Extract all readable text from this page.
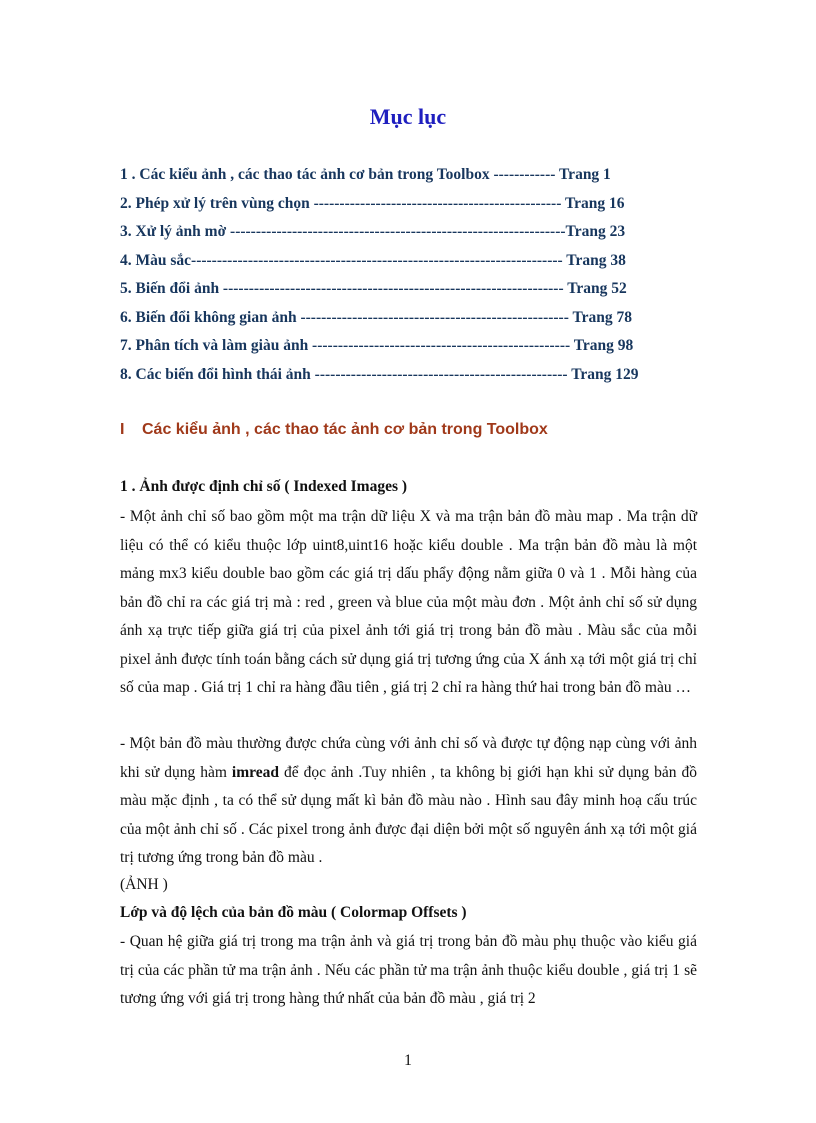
Mục lục
1 . Các kiểu ảnh , các thao tác ảnh cơ bản trong Toolbox ------------ Trang 1
2. Phép xử lý trên vùng chọn ------------------------------------------------ Trang 16
3. Xử lý ảnh mờ -----------------------------------------------------------------Trang 23
4. Màu sắc------------------------------------------------------------------------ Trang 38
5. Biến đổi ảnh ------------------------------------------------------------------ Trang 52
6. Biến đổi không gian ảnh ---------------------------------------------------- Trang 78
7. Phân tích và làm giàu ảnh -------------------------------------------------- Trang 98
8. Các biến đổi hình thái ảnh ------------------------------------------------- Trang 129
I Các kiểu ảnh , các thao tác ảnh cơ bản trong Toolbox
1 . Ảnh được định chỉ số ( Indexed Images )

- Một ảnh chỉ số bao gồm một ma trận dữ liệu X và ma trận bản đồ màu map . Ma trận dữ liệu có thể có kiểu thuộc lớp uint8,uint16 hoặc kiểu double . Ma trận bản đồ màu là một mảng mx3 kiểu double bao gồm các giá trị dấu phẩy động nằm giữa 0 và 1 . Mỗi hàng của bản đồ chỉ ra các giá trị mà : red , green và blue của một màu đơn . Một ảnh chỉ số sử dụng ánh xạ trực tiếp giữa giá trị của pixel ảnh tới giá trị trong bản đồ màu . Màu sắc của mỗi pixel ảnh được tính toán bằng cách sử dụng giá trị tương ứng của X ánh xạ tới một giá trị chỉ số của map . Giá trị 1 chỉ ra hàng đầu tiên , giá trị 2 chỉ ra hàng thứ hai trong bản đồ màu …

- Một bản đồ màu thường được chứa cùng với ảnh chỉ số và được tự động nạp cùng với ảnh khi sử dụng hàm imread để đọc ảnh .Tuy nhiên , ta không bị giới hạn khi sử dụng bản đồ màu mặc định , ta có thể sử dụng mất kì bản đồ màu nào . Hình sau đây minh hoạ cấu trúc của một ảnh chỉ số . Các pixel trong ảnh được đại diện bởi một số nguyên ánh xạ tới một giá trị tương ứng trong bản đồ màu .

(ẢNH )
Lớp và độ lệch của bản đồ màu ( Colormap Offsets )

- Quan hệ giữa giá trị trong ma trận ảnh và giá trị trong bản đồ màu phụ thuộc vào kiểu giá trị của các phần tử ma trận ảnh . Nếu các phần tử ma trận ảnh thuộc kiểu double , giá trị 1 sẽ tương ứng với giá trị trong hàng thứ nhất của bản đồ màu , giá trị 2

1
